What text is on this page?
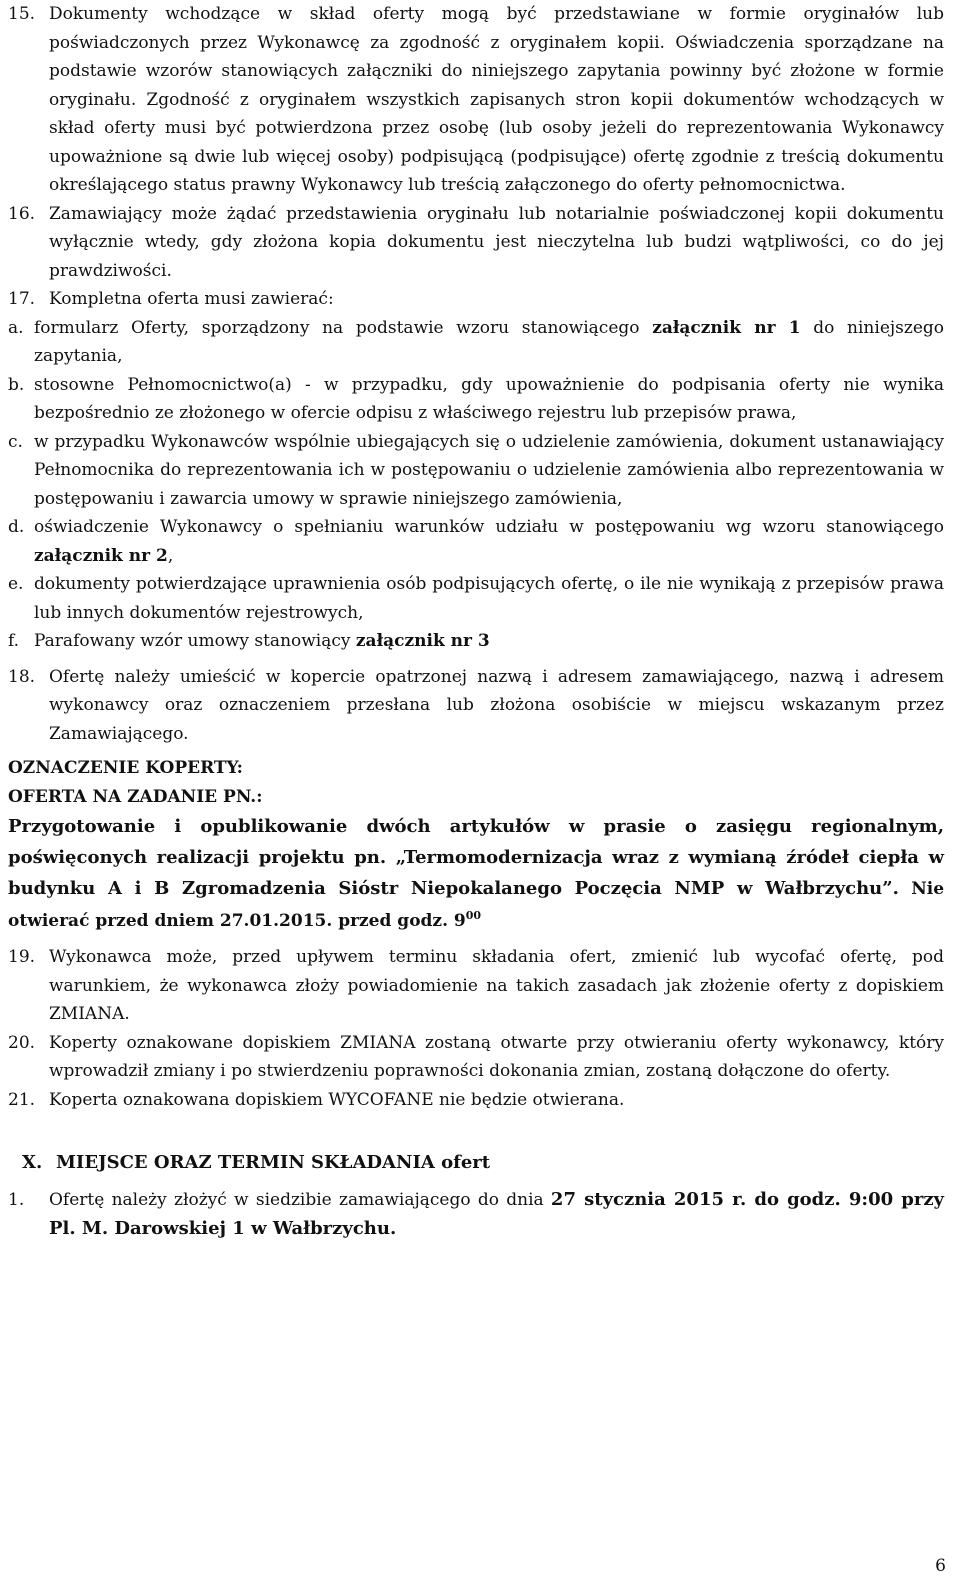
15. Dokumenty wchodzące w skład oferty mogą być przedstawiane w formie oryginałów lub poświadczonych przez Wykonawcę za zgodność z oryginałem kopii. Oświadczenia sporządzane na podstawie wzorów stanowiących załączniki do niniejszego zapytania powinny być złożone w formie oryginału. Zgodność z oryginałem wszystkich zapisanych stron kopii dokumentów wchodzących w skład oferty musi być potwierdzona przez osobę (lub osoby jeżeli do reprezentowania Wykonawcy upoważnione są dwie lub więcej osoby) podpisującą (podpisujące) ofertę zgodnie z treścią dokumentu określającego status prawny Wykonawcy lub treścią załączonego do oferty pełnomocnictwa.
16. Zamawiający może żądać przedstawienia oryginału lub notarialnie poświadczonej kopii dokumentu wyłącznie wtedy, gdy złożona kopia dokumentu jest nieczytelna lub budzi wątpliwości, co do jej prawdziwości.
17. Kompletna oferta musi zawierać:
a. formularz Oferty, sporządzony na podstawie wzoru stanowiącego załącznik nr 1 do niniejszego zapytania,
b. stosowne Pełnomocnictwo(a) - w przypadku, gdy upoważnienie do podpisania oferty nie wynika bezpośrednio ze złożonego w ofercie odpisu z właściwego rejestru lub przepisów prawa,
c. w przypadku Wykonawców wspólnie ubiegających się o udzielenie zamówienia, dokument ustanawiający Pełnomocnika do reprezentowania ich w postępowaniu o udzielenie zamówienia albo reprezentowania w postępowaniu i zawarcia umowy w sprawie niniejszego zamówienia,
d. oświadczenie Wykonawcy o spełnianiu warunków udziału w postępowaniu wg wzoru stanowiącego załącznik nr 2,
e. dokumenty potwierdzające uprawnienia osób podpisujących ofertę, o ile nie wynikają z przepisów prawa lub innych dokumentów rejestrowych,
f. Parafowany wzór umowy stanowiący załącznik nr 3
18. Ofertę należy umieścić w kopercie opatrzonej nazwą i adresem zamawiającego, nazwą i adresem wykonawcy oraz oznaczeniem przesłana lub złożona osobiście w miejscu wskazanym przez Zamawiającego.
OZNACZENIE KOPERTY:
OFERTA NA ZADANIE PN.:
Przygotowanie i opublikowanie dwóch artykułów w prasie o zasięgu regionalnym, poświęconych realizacji projektu pn. „Termomodernizacja wraz z wymianą źródeł ciepła w budynku A i B Zgromadzenia Sióstr Niepokalanego Poczęcia NMP w Wałbrzychu”. Nie otwierać przed dniem 27.01.2015. przed godz. $9^{00}$
19. Wykonawca może, przed upływem terminu składania ofert, zmienić lub wycofać ofertę, pod warunkiem, że wykonawca złoży powiadomienie na takich zasadach jak złożenie oferty z dopiskiem ZMIANA.
20. Koperty oznakowane dopiskiem ZMIANA zostaną otwarte przy otwieraniu oferty wykonawcy, który wprowadził zmiany i po stwierdzeniu poprawności dokonania zmian, zostaną dołączone do oferty.
21. Koperta oznakowana dopiskiem WYCOFANE nie będzie otwierana.
X. MIEJSCE ORAZ TERMIN SKŁADANIA ofert
1. Ofertę należy złożyć w siedzibie zamawiającego do dnia 27 stycznia 2015 r. do godz. 9:00 przy Pl. M. Darowskiej 1 w Wałbrzychu.
6
